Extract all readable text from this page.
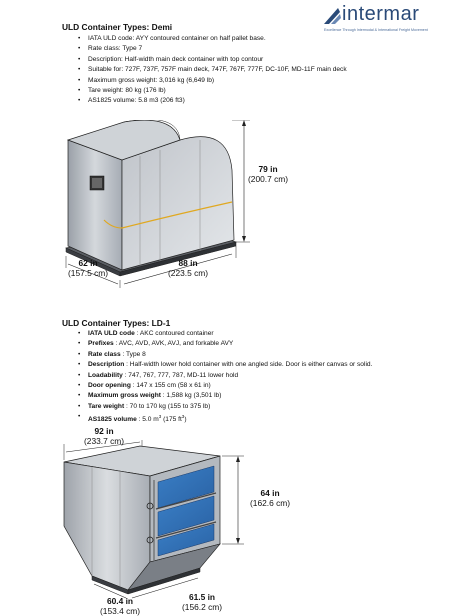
intermar
Excellence Through Intermodal & International Freight Movement
ULD Container Types: Demi
• IATA ULD code: AYY contoured container on half pallet base.
• Rate class: Type 7
• Description: Half-width main deck container with top contour
• Suitable for: 727F, 737F, 757F main deck, 747F, 767F, 777F, DC-10F, MD-11F main deck
• Maximum gross weight: 3,016 kg (6,649 lb)
• Tare weight: 80 kg (176 lb)
• AS1825 volume: 5.8 m3 (206 ft3)
79 in
(200.7 cm)
62 in
(157.5 cm)
88 in
(223.5 cm)
ULD Container Types: LD-1
• IATA ULD code : AKC contoured container
• Prefixes : AVC, AVD, AVK, AVJ, and forkable AVY
• Rate class : Type 8
• Description : Half-width lower hold container with one angled side. Door is either canvas or solid.
• Loadability : 747, 767, 777, 787, MD-11 lower hold
• Door opening : 147 x 155 cm (58 x 61 in)
• Maximum gross weight : 1,588 kg (3,501 lb)
• Tare weight : 70 to 170 kg (155 to 375 lb)
• AS1825 volume : 5.0 $m^3$ (175 $ft^3$)
92 in
(233.7 cm)
64 in
(162.6 cm)
60.4 in
(153.4 cm)
61.5 in
(156.2 cm)
